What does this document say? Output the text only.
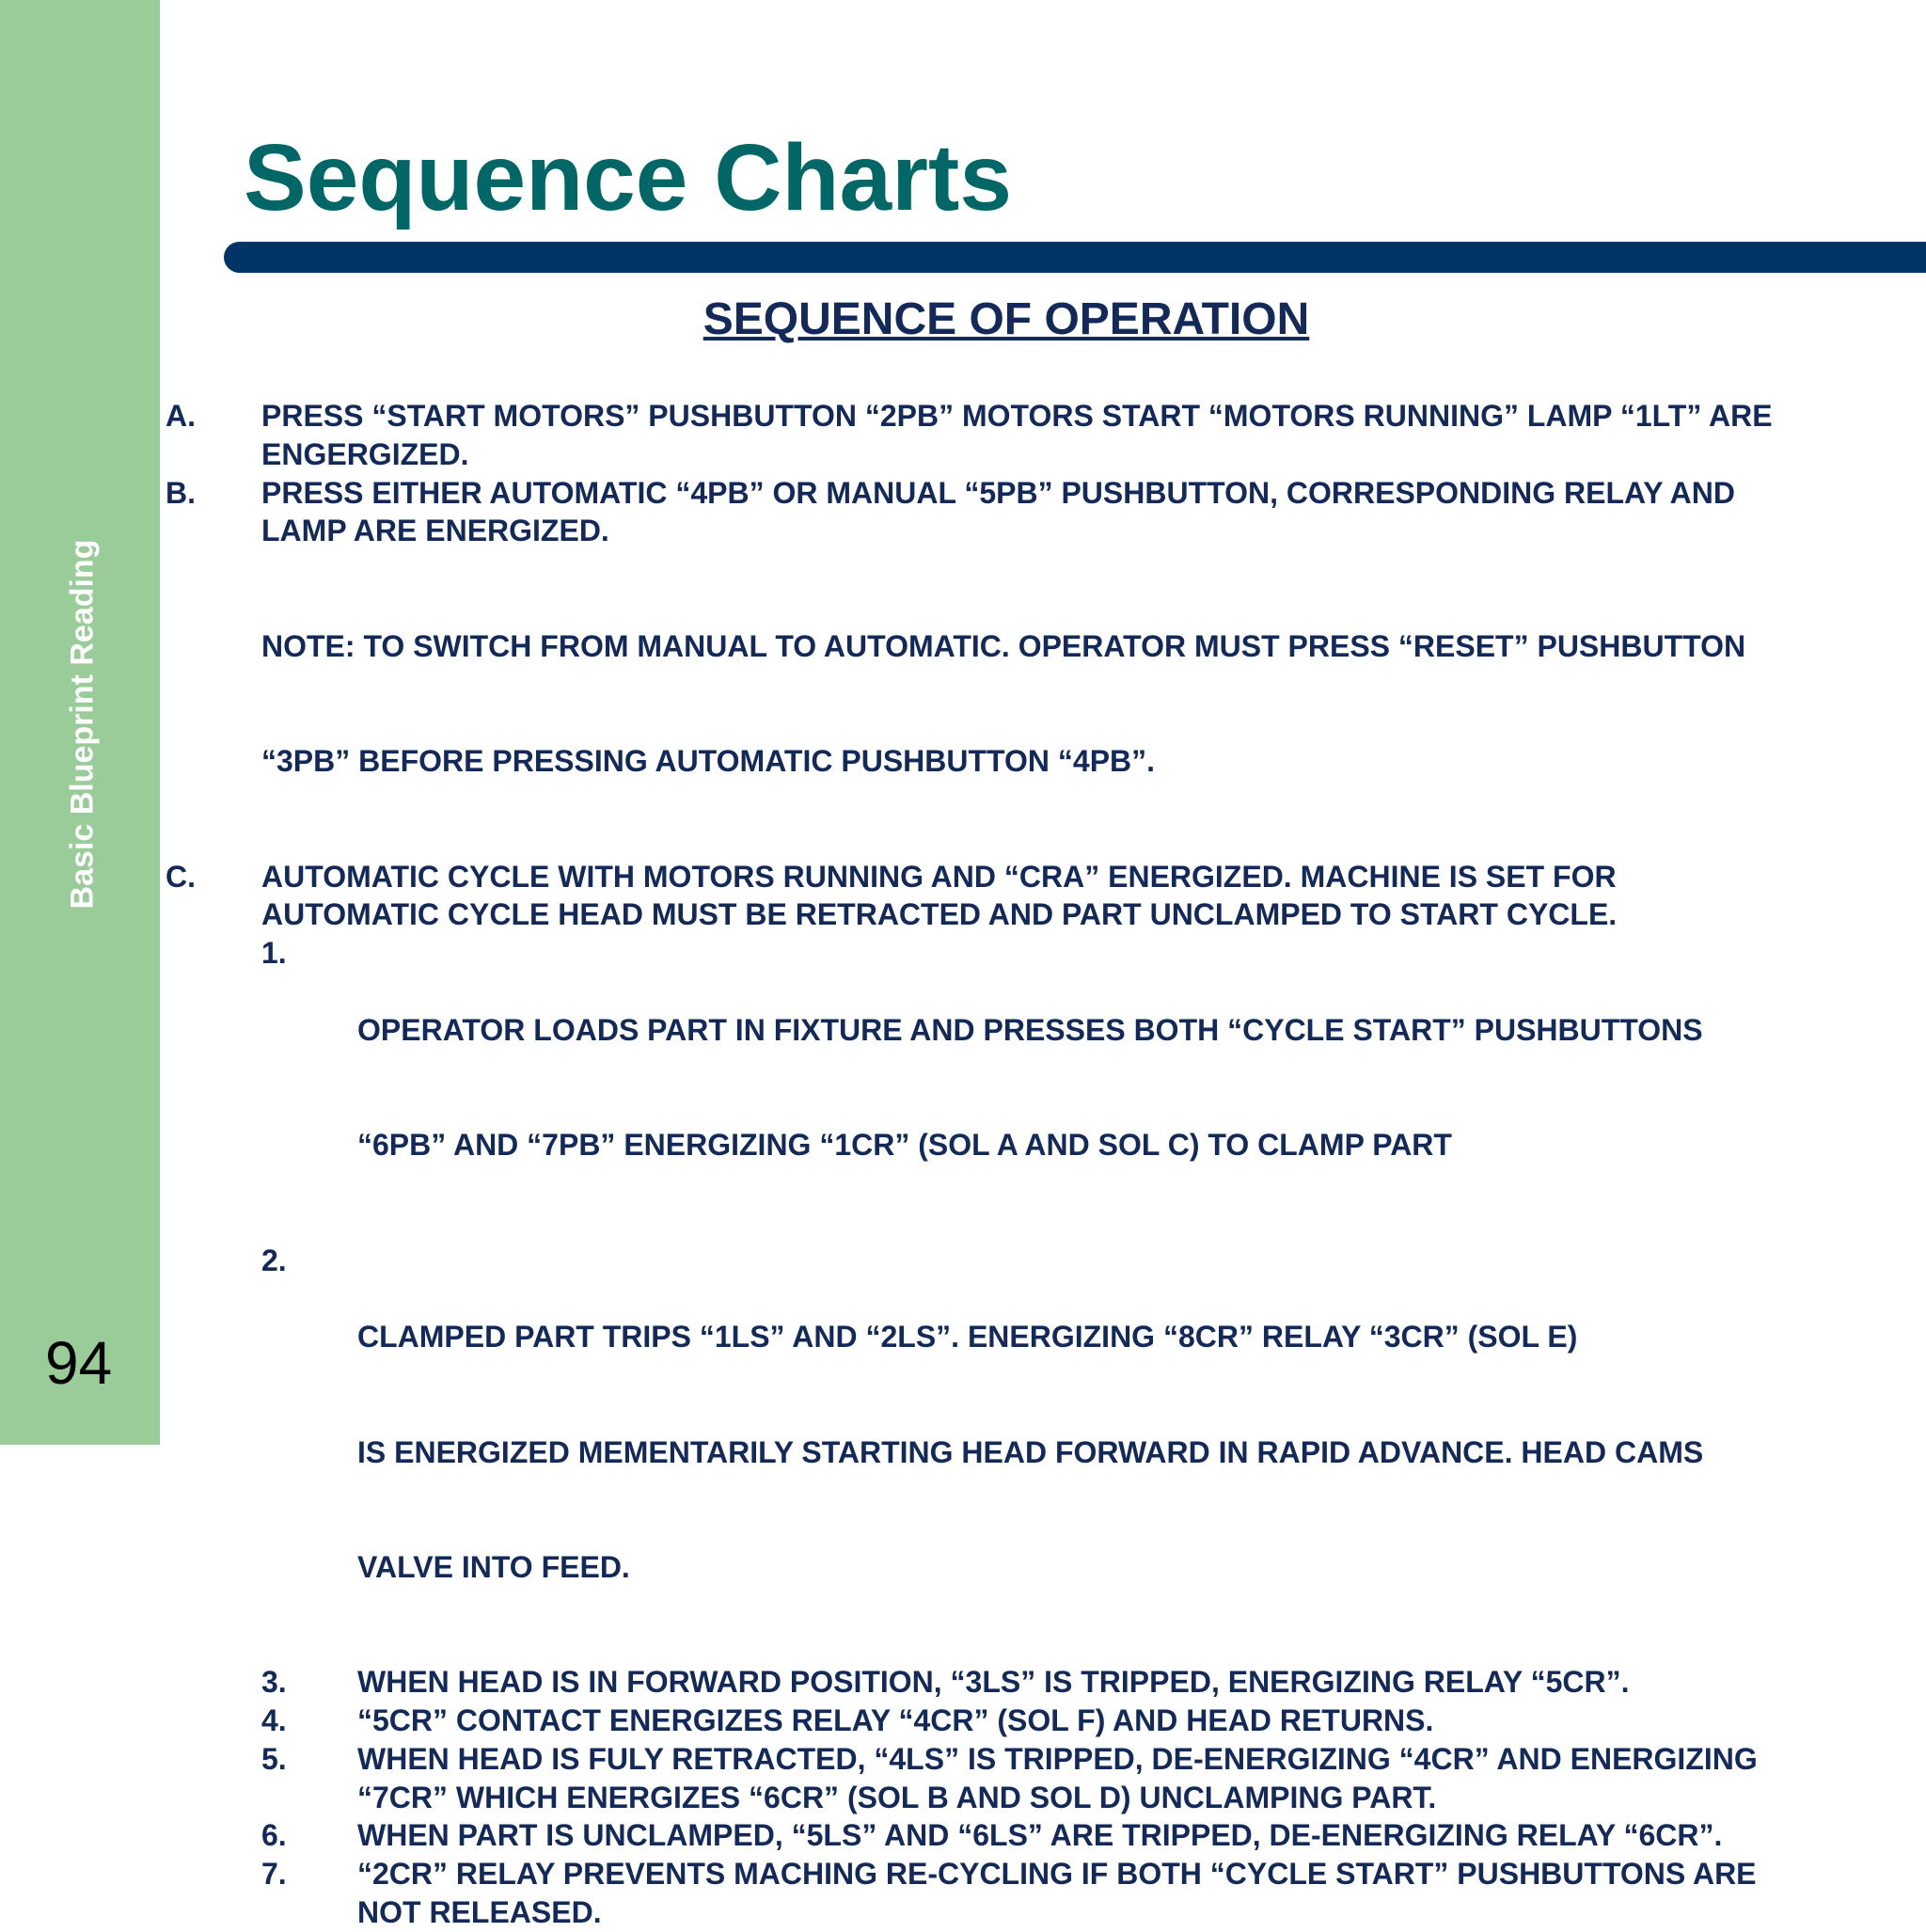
Basic Blueprint Reading
94
Sequence Charts
SEQUENCE OF OPERATION
A. PRESS “START MOTORS” PUSHBUTTON “2PB” MOTORS START “MOTORS RUNNING” LAMP “1LT” ARE
ENGERGIZED.
B. PRESS EITHER AUTOMATIC “4PB” OR MANUAL “5PB” PUSHBUTTON, CORRESPONDING RELAY AND
LAMP ARE ENERGIZED.

NOTE: TO SWITCH FROM MANUAL TO AUTOMATIC. OPERATOR MUST PRESS “RESET” PUSHBUTTON

“3PB” BEFORE PRESSING AUTOMATIC PUSHBUTTON “4PB”.

C. AUTOMATIC CYCLE WITH MOTORS RUNNING AND “CRA” ENERGIZED. MACHINE IS SET FOR
AUTOMATIC CYCLE HEAD MUST BE RETRACTED AND PART UNCLAMPED TO START CYCLE.
1.

OPERATOR LOADS PART IN FIXTURE AND PRESSES BOTH “CYCLE START” PUSHBUTTONS

“6PB” AND “7PB” ENERGIZING “1CR” (SOL A AND SOL C) TO CLAMP PART

2.

CLAMPED PART TRIPS “1LS” AND “2LS”. ENERGIZING “8CR” RELAY “3CR” (SOL E)

IS ENERGIZED MEMENTARILY STARTING HEAD FORWARD IN RAPID ADVANCE. HEAD CAMS

VALVE INTO FEED.

3. WHEN HEAD IS IN FORWARD POSITION, “3LS” IS TRIPPED, ENERGIZING RELAY “5CR”.
4. “5CR” CONTACT ENERGIZES RELAY “4CR” (SOL F) AND HEAD RETURNS.
5. WHEN HEAD IS FULY RETRACTED, “4LS” IS TRIPPED, DE-ENERGIZING “4CR” AND ENERGIZING
“7CR” WHICH ENERGIZES “6CR” (SOL B AND SOL D) UNCLAMPING PART.
6. WHEN PART IS UNCLAMPED, “5LS” AND “6LS” ARE TRIPPED, DE-ENERGIZING RELAY “6CR”.
7. “2CR” RELAY PREVENTS MACHING RE-CYCLING IF BOTH “CYCLE START” PUSHBUTTONS ARE
NOT RELEASED.
